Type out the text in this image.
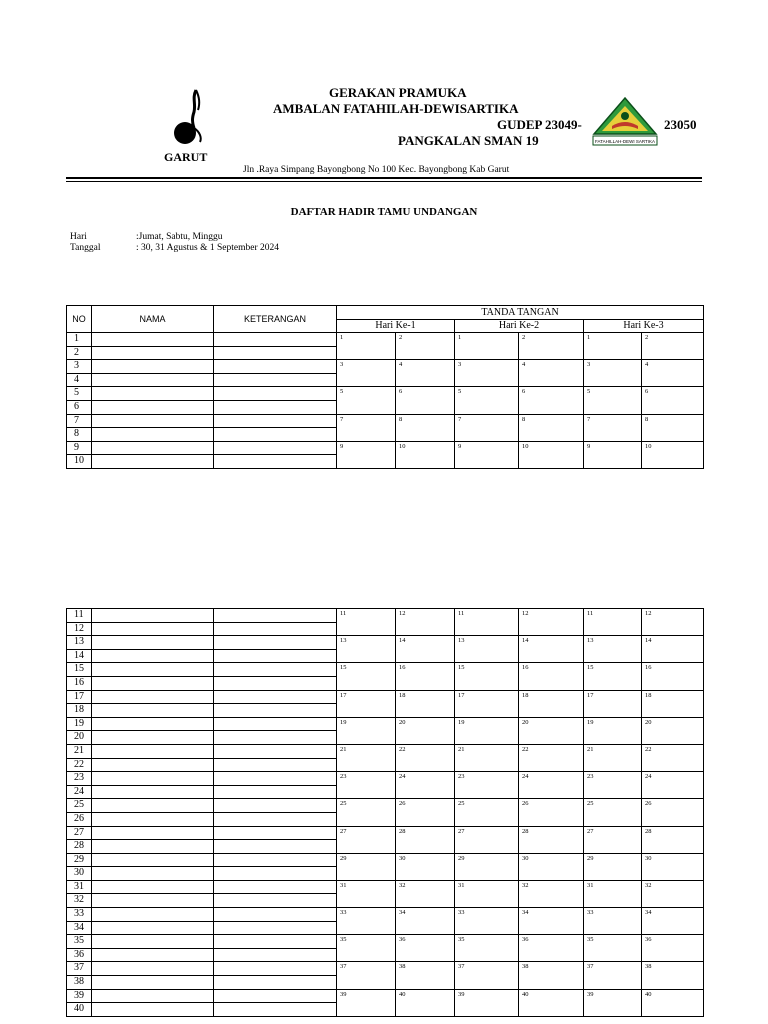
GARUT
GERAKAN PRAMUKA
AMBALAN FATAHILAH-DEWISARTIKA
GUDEP 23049-	23050
PANGKALAN SMAN 19	FATAHILLAH-DEWI SARTIKA
Jln .Raya Simpang Bayongbong No 100 Kec. Bayongbong Kab Garut
DAFTAR HADIR TAMU UNDANGAN
Hari	:Jumat, Sabtu, Minggu
Tanggal	: 30, 31 Agustus & 1 September 2024
NO	NAMA	KETERANGAN	TANDA TANGAN					
			Hari Ke-1		Hari Ke-2		Hari Ke-3	
1			1	2	1	2	1	2
2								
3			3	4	3	4	3	4
4								
5			5	6	5	6	5	6
6								
7			7	8	7	8	7	8
8								
9			9	10	9	10	9	10
10								
11			11	12	11	12	11	12
12								
13			13	14	13	14	13	14
14								
15			15	16	15	16	15	16
16								
17			17	18	17	18	17	18
18								
19			19	20	19	20	19	20
20								
21			21	22	21	22	21	22
22								
23			23	24	23	24	23	24
24								
25			25	26	25	26	25	26
26								
27			27	28	27	28	27	28
28								
29			29	30	29	30	29	30
30								
31			31	32	31	32	31	32
32								
33			33	34	33	34	33	34
34								
35			35	36	35	36	35	36
36								
37			37	38	37	38	37	38
38								
39			39	40	39	40	39	40
40								
